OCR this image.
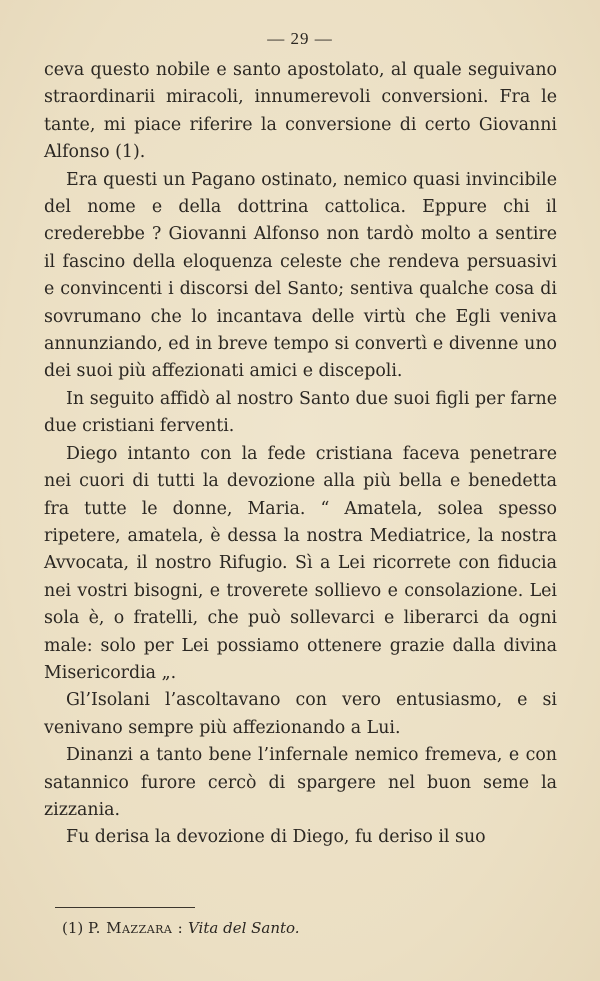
— 29 —

ceva questo nobile e santo apostolato, al quale seguivano straordinarii miracoli, innumerevoli conversioni. Fra le tante, mi piace riferire la conversione di certo Giovanni Alfonso (1).

Era questi un Pagano ostinato, nemico quasi invincibile del nome e della dottrina cattolica. Eppure chi il crederebbe ? Giovanni Alfonso non tardò molto a sentire il fascino della eloquenza celeste che rendeva persuasivi e convincenti i discorsi del Santo; sentiva qualche cosa di sovrumano che lo incantava delle virtù che Egli veniva annunziando, ed in breve tempo si convertì e divenne uno dei suoi più affezionati amici e discepoli.

In seguito affidò al nostro Santo due suoi figli per farne due cristiani ferventi.

Diego intanto con la fede cristiana faceva penetrare nei cuori di tutti la devozione alla più bella e benedetta fra tutte le donne, Maria. “ Amatela, solea spesso ripetere, amatela, è dessa la nostra Mediatrice, la nostra Avvocata, il nostro Rifugio. Sì a Lei ricorrete con fiducia nei vostri bisogni, e troverete sollievo e consolazione. Lei sola è, o fratelli, che può sollevarci e liberarci da ogni male: solo per Lei possiamo ottenere grazie dalla divina Misericordia „.

Gl’Isolani l’ascoltavano con vero entusiasmo, e si venivano sempre più affezionando a Lui.

Dinanzi a tanto bene l’infernale nemico fremeva, e con satannico furore cercò di spargere nel buon seme la zizzania.

Fu derisa la devozione di Diego, fu deriso il suo

(1) P. Mazzara : Vita del Santo.
